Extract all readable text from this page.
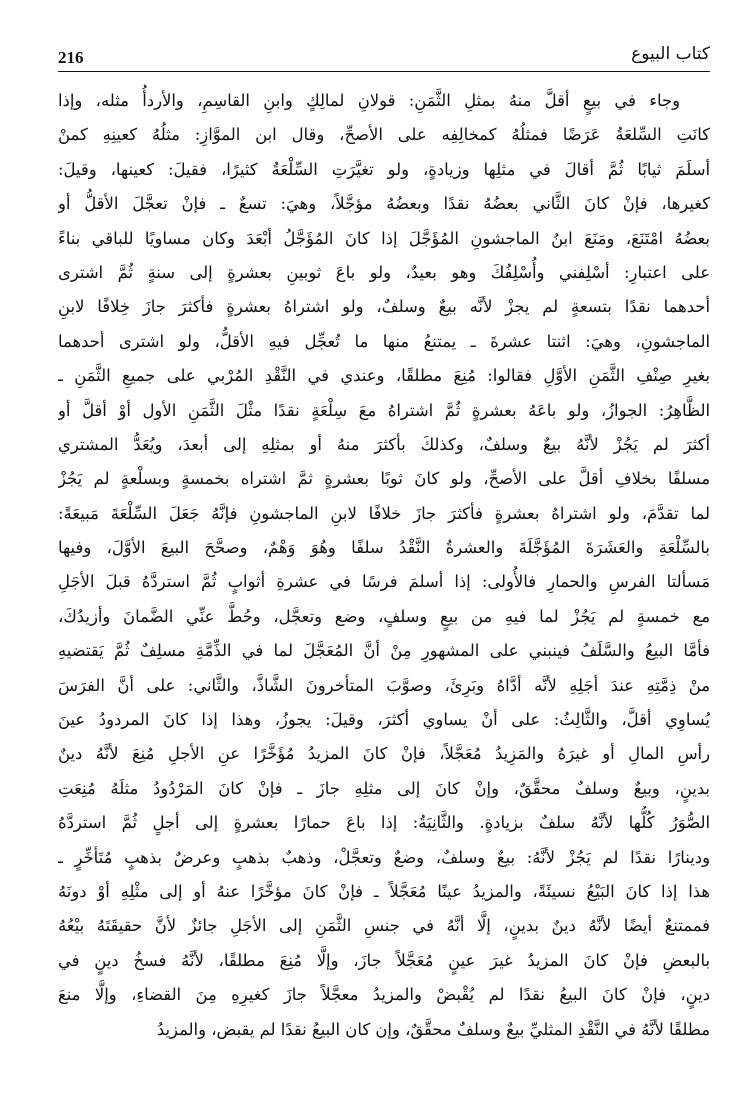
216	كتاب البيوع
وجاء في بيعٍ أقلَّ منهُ بمثلِ الثَّمَنِ: قولانِ لمالِكٍ وابنِ القاسِمِ، والأردأُ مثله، وإذا
كانَتِ السِّلعَةُ عَرَضًا فمثلُهُ كمخالِفِه على الأصحِّ، وقال ابن الموَّازِ: مثلُهُ كعينِهِ كمنْ
أسلَمَ ثيابًا ثُمَّ أقالَ في مثلِها وزيادةٍ، ولو تغيَّرَتِ السِّلْعَةُ كثيرًا، فقيلَ: كعينها، وقيلَ:
كغيرها، فإنْ كانَ الثَّاني بعضُهُ نقدًا وبعضُهُ مؤجَّلاً، وهيَ: تسعٌ ـ فإنْ تعجَّلَ الأقلُّ أو
بعضُهُ امْتَنَعَ، ومَنَعَ ابنُ الماجشونِ المُؤَجَّلَ إذا كانَ المُؤَجَّلُ أبْعَدَ وكان مساويًا للباقي بناءً
على اعتبارِ: أسْلِفني وأُسْلِفُكَ وهو بعيدٌ، ولو باعَ ثوبينِ بعشرةٍ إلى سنةٍ ثُمَّ اشترى
أحدهما نقدًا بتسعةٍ لم يجزْ لأنَّه بيعٌ وسلفٌ، ولو اشتراهُ بعشرةٍ فأكثرَ جازَ خِلافًا لابنِ
الماجشونِ، وهيَ: اثنتا عشرةَ ـ يمتنعُ منها ما تُعجِّل فيهِ الأقلُّ، ولو اشترى أحدهما
بغيرِ صِنْفِ الثَّمَنِ الأوَّلِ فقالوا: مُنِعَ مطلقًا، وعندي في النَّقْدِ المُرْبي على جميعِ الثَّمَنِ ـ
الظَّاهِرُ: الجوازُ، ولو باعَهُ بعشرةٍ ثُمَّ اشتراهُ معَ سِلْعَةٍ نقدًا مثْلَ الثَّمَنِ الأول أوْ أقلَّ أو
أكثرَ لم يَجُزْ لأنَّهُ بيعٌ وسلفٌ، وكذلكَ بأكثرَ منهُ أو بمثلِهِ إلى أبعدَ، ويُعَدُّ المشتري
مسلفًا بخلافِ أقلَّ على الأصحِّ، ولو كانَ ثوبًا بعشرةٍ ثمَّ اشتراه بخمسةٍ وبسلْعةٍ لم يَجُزْ
لما تقدَّمَ، ولو اشتراهُ بعشرةٍ فأكثرَ جازَ خلافًا لابنِ الماجشونِ فإنَّهُ جَعَلَ السِّلْعَةَ مَبيعَةً:
بالسِّلْعَةِ والعَشَرَةَ المُؤَجَّلَةَ والعشرةُ النَّقْدُ سلفًا وهُوَ وَهْمٌ، وصحَّحَ البيعَ الأوَّلَ، وفيها
مَسألتا الفرسِ والحمارِ فالأُولى: إذا أسلمَ فرسًا في عشرةِ أثوابٍ ثُمَّ استردَّهُ قبلَ الأجَلِ
مع خمسةٍ لم يَجُزْ لما فيهِ من بيعٍ وسلفٍ، وضع وتعجَّل، وحُطَّ عنِّي الضَّمانَ وأزيدُكَ،
فأمَّا البيعُ والسَّلَفُ فينبني على المشهورِ مِنْ أنَّ المُعَجَّلَ لما في الذِّمَّةِ مسلِفٌ ثُمَّ يَقتضيهِ
منْ ذِمَّتِهِ عندَ أجَلِهِ لأنَّه أدَّاهُ وبَرِئَ، وصوَّبَ المتأخرونَ الشَّاذَّ، والثَّاني: على أنَّ الفرَسَ
يُساوِي أقلَّ، والثَّالِثُ: على أنْ يساوي أكثرَ، وقيلَ: يجوزُ، وهذا إذا كانَ المردودُ عينَ
رأسِ المالِ أو غيرَهُ والمَزِيدُ مُعَجَّلاً، فإنْ كانَ المزيدُ مُؤَخَّرًا عنِ الأجلِ مُنِعَ لأنَّهُ دينٌ
بدينٍ، وبيعٌ وسلفٌ محقَّقٌ، وإنْ كانَ إلى مثلِهِ جازَ ـ فإنْ كانَ المَرْدُودُ مثلَهُ مُنِعَتِ
الصُّوَرُ كُلُّها لأنَّهُ سلفٌ بزيادةٍ. والثَّانِيَةُ: إذا باعَ حمارًا بعشرةٍ إلى أجلٍ ثُمَّ استردَّهُ
ودينارًا نقدًا لم يَجُزْ لأنَّهُ: بيعٌ وسلفٌ، وضعٌ وتعجَّلْ، وذهبٌ بذهبٍ وعرضٌ بذهبٍ مُتَأخِّرٍ ـ
هذا إذا كانَ البَيْعُ نسيئَةً، والمزيدُ عينًا مُعَجَّلاً ـ فإنْ كانَ مؤخَّرًا عنهُ أو إلى مثْلِهِ أوْ دونَهُ
فممتنعٌ أيضًا لأنَّهُ دينٌ بدينٍ، إلَّا أنَّهُ في جنسِ الثَّمَنِ إلى الأجَلِ جائزٌ لأنَّ حقيقَتَهُ بيْعُهُ
بالبعضِ فإنْ كانَ المزيدُ غيرَ عينٍ مُعَجَّلاً جازَ، وإلَّا مُنِعَ مطلقًا، لأنَّهُ فسخُ دينٍ في
دينٍ، فإنْ كانَ البيعُ نقدًا لم يُقْبضْ والمزيدُ معجَّلاً جازَ كغيرِهِ مِنَ القضاءِ، وإلَّا منعَ
مطلقًا لأنَّهُ في النَّقْدِ المثليِّ بيعٌ وسلفٌ محقَّقٌ، وإن كان البيعُ نقدًا لم يقبض، والمزيدُ
